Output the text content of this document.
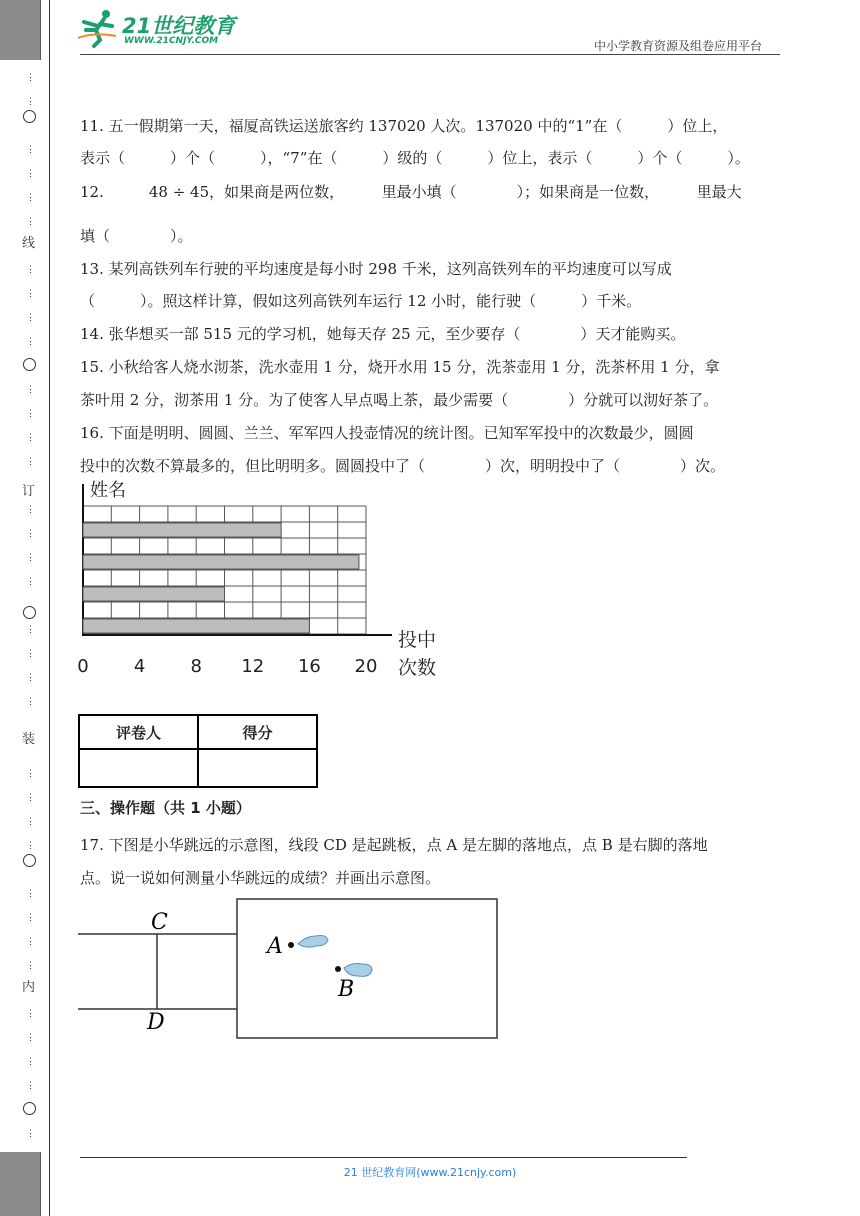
线
订
装
内
⋮
⋮
⋮
⋮
⋮
⋮
⋮
⋮
⋮
⋮
⋮
⋮
⋮
⋮
⋮
⋮
⋮
⋮
⋮
⋮
⋮
⋮
⋮
⋮
⋮
⋮
⋮
⋮
⋮
⋮
⋮
⋮
⋮
⋮
⋮
21世纪教育
WWW.21CNJY.COM	中小学教育资源及组卷应用平台
11. 五一假期第一天，福厦高铁运送旅客约 137020 人次。137020 中的“1”在（　　　）位上，
表示（　　　）个（　　　），“7”在（　　　）级的（　　　）位上，表示（　　　）个（　　　）。
12.　　　48 ÷ 45，如果商是两位数，　　　里最小填（　　　　）；如果商是一位数，　　　里最大
填（　　　　）。
13. 某列高铁列车行驶的平均速度是每小时 298 千米，这列高铁列车的平均速度可以写成
（　　　）。照这样计算，假如这列高铁列车运行 12 小时，能行驶（　　　）千米。
14. 张华想买一部 515 元的学习机，她每天存 25 元，至少要存（　　　　）天才能购买。
15. 小秋给客人烧水沏茶，洗水壶用 1 分，烧开水用 15 分，洗茶壶用 1 分，洗茶杯用 1 分，拿
茶叶用 2 分，沏茶用 1 分。为了使客人早点喝上茶，最少需要（　　　　）分就可以沏好茶了。
16. 下面是明明、圆圆、兰兰、军军四人投壶情况的统计图。已知军军投中的次数最少，圆圆
投中的次数不算最多的，但比明明多。圆圆投中了（　　　　）次，明明投中了（　　　　）次。
姓名
0	4	8 12 16 20
投中
次数
评卷人	得分

三、操作题（共 1 小题）
17. 下图是小华跳远的示意图，线段 CD 是起跳板，点 A 是左脚的落地点，点 B 是右脚的落地
点。说一说如何测量小华跳远的成绩？并画出示意图。
C
D
A
B
21 世纪教育网(www.21cnjy.com)
